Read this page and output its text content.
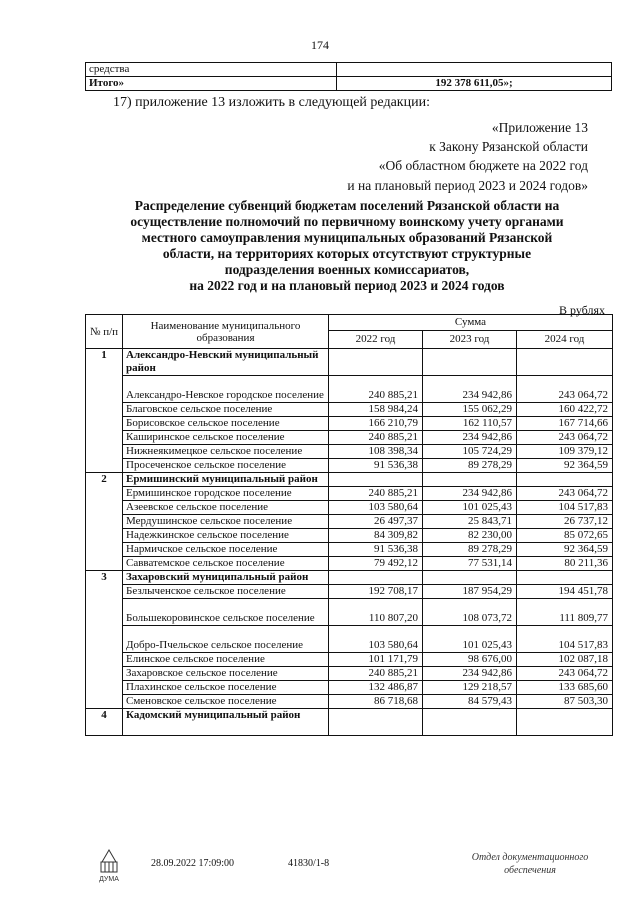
174
средства	
Итого»	192 378 611,05»;
17) приложение 13 изложить в следующей редакции:
«Приложение 13
к Закону Рязанской области
«Об областном бюджете на 2022 год
и на плановый период 2023 и 2024 годов»
Распределение субвенций бюджетам поселений Рязанской области на
осуществление полномочий по первичному воинскому учету органами
местного самоуправления муниципальных образований Рязанской
области, на территориях которых отсутствуют структурные
подразделения военных комиссариатов,
на 2022 год и на плановый период 2023 и 2024 годов
В рублях
№ п/п	Наименование муниципального образования	Сумма		
		2022 год	2023 год	2024 год
1	Александро-Невский муниципальный район			
	Александро-Невское городское поселение	240 885,21	234 942,86	243 064,72
	Благовское сельское поселение	158 984,24	155 062,29	160 422,72
	Борисовское сельское поселение	166 210,79	162 110,57	167 714,66
	Каширинское сельское поселение	240 885,21	234 942,86	243 064,72
	Нижнеякимецкое сельское поселение	108 398,34	105 724,29	109 379,12
	Просеченское сельское поселение	91 536,38	89 278,29	92 364,59
2	Ермишинский муниципальный район			
	Ермишинское городское поселение	240 885,21	234 942,86	243 064,72
	Азеевское сельское поселение	103 580,64	101 025,43	104 517,83
	Мердушинское сельское поселение	26 497,37	25 843,71	26 737,12
	Надежкинское сельское поселение	84 309,82	82 230,00	85 072,65
	Нармичское сельское поселение	91 536,38	89 278,29	92 364,59
	Савватемское сельское поселение	79 492,12	77 531,14	80 211,36
3	Захаровский муниципальный район			
	Безлыченское сельское поселение	192 708,17	187 954,29	194 451,78
	Большекоровинское сельское поселение	110 807,20	108 073,72	111 809,77
	Добро-Пчельское сельское поселение	103 580,64	101 025,43	104 517,83
	Елинское сельское поселение	101 171,79	98 676,00	102 087,18
	Захаровское сельское поселение	240 885,21	234 942,86	243 064,72
	Плахинское сельское поселение	132 486,87	129 218,57	133 685,60
	Сменовское сельское поселение	86 718,68	84 579,43	87 503,30
4	Кадомский муниципальный район			
ДУМА
28.09.2022 17:09:00	41830/1-8
Отдел документационного
обеспечения
